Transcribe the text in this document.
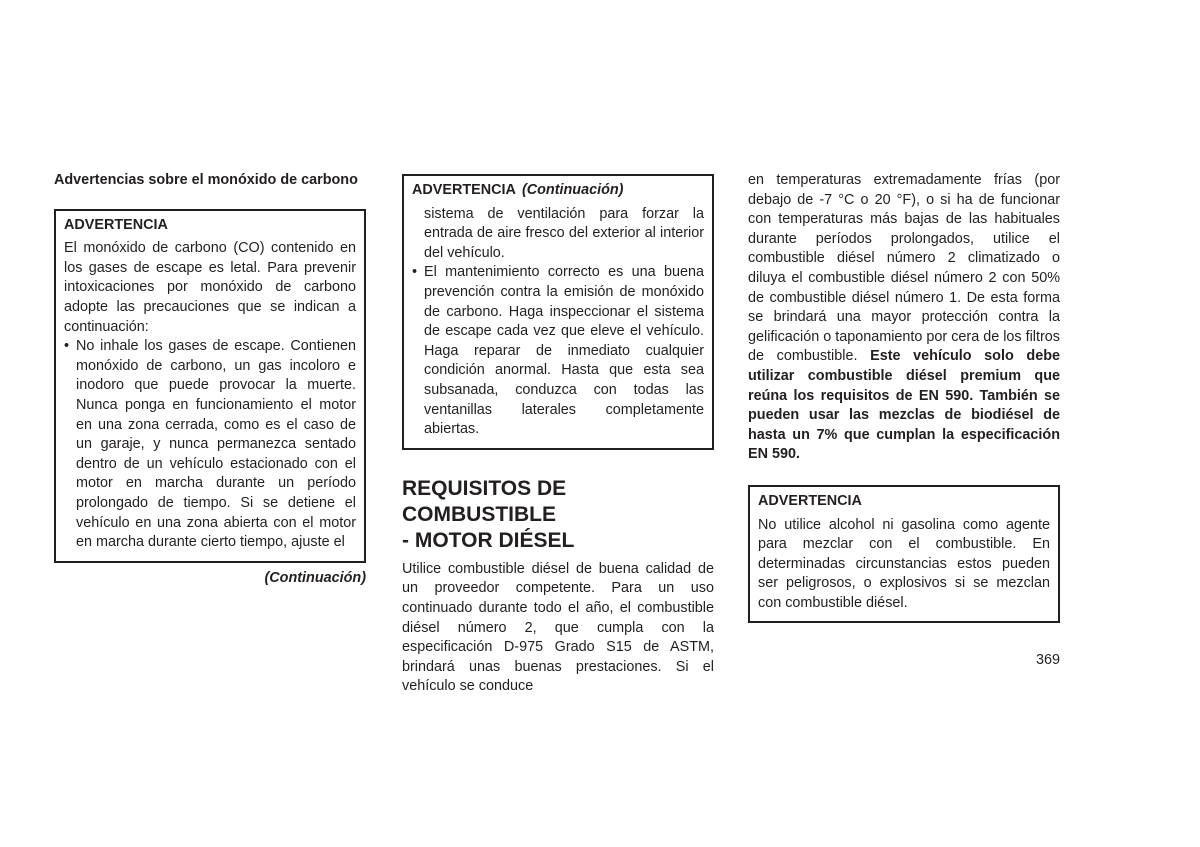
Advertencias sobre el monóxido de carbono
ADVERTENCIA

El monóxido de carbono (CO) contenido en los gases de escape es letal. Para prevenir intoxicaciones por monóxido de carbono adopte las precauciones que se indican a continuación:

• No inhale los gases de escape. Contienen monóxido de carbono, un gas incoloro e inodoro que puede provocar la muerte. Nunca ponga en funcionamiento el motor en una zona cerrada, como es el caso de un garaje, y nunca permanezca sentado dentro de un vehículo estacionado con el motor en marcha durante un período prolongado de tiempo. Si se detiene el vehículo en una zona abierta con el motor en marcha durante cierto tiempo, ajuste el
(Continuación)
ADVERTENCIA (Continuación)

sistema de ventilación para forzar la entrada de aire fresco del exterior al interior del vehículo.

• El mantenimiento correcto es una buena prevención contra la emisión de monóxido de carbono. Haga inspeccionar el sistema de escape cada vez que eleve el vehículo. Haga reparar de inmediato cualquier condición anormal. Hasta que esta sea subsanada, conduzca con todas las ventanillas laterales completamente abiertas.
REQUISITOS DE COMBUSTIBLE
- MOTOR DIÉSEL

Utilice combustible diésel de buena calidad de un proveedor competente. Para un uso continuado durante todo el año, el combustible diésel número 2, que cumpla con la especificación D-975 Grado S15 de ASTM, brindará unas buenas prestaciones. Si el vehículo se conduce

en temperaturas extremadamente frías (por debajo de -7 °C o 20 °F), o si ha de funcionar con temperaturas más bajas de las habituales durante períodos prolongados, utilice el combustible diésel número 2 climatizado o diluya el combustible diésel número 2 con 50% de combustible diésel número 1. De esta forma se brindará una mayor protección contra la gelificación o taponamiento por cera de los filtros de combustible. Este vehículo solo debe utilizar combustible diésel premium que reúna los requisitos de EN 590. También se pueden usar las mezclas de biodiésel de hasta un 7% que cumplan la especificación EN 590.

ADVERTENCIA

No utilice alcohol ni gasolina como agente para mezclar con el combustible. En determinadas circunstancias estos pueden ser peligrosos, o explosivos si se mezclan con combustible diésel.

369
